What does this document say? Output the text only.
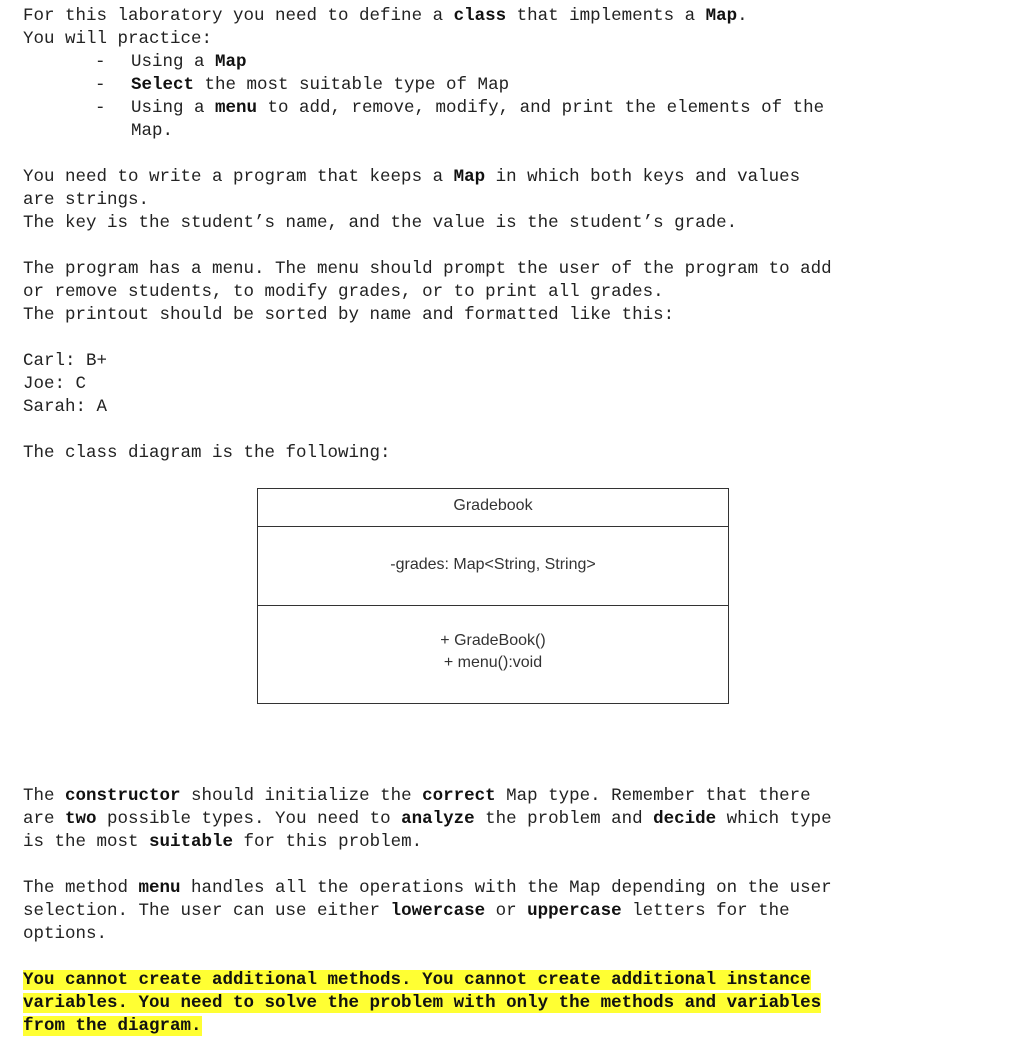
For this laboratory you need to define a class that implements a Map.

You will practice:

- Using a Map
- Select the most suitable type of Map
- Using a menu to add, remove, modify, and print the elements of the
Map.

You need to write a program that keeps a Map in which both keys and values

are strings.

The key is the student’s name, and the value is the student’s grade.

The program has a menu. The menu should prompt the user of the program to add

or remove students, to modify grades, or to print all grades.

The printout should be sorted by name and formatted like this:

Carl: B+

Joe: C

Sarah: A

The class diagram is the following:

Gradebook
-grades: Map<String, String>
+ GradeBook()
+ menu():void

The constructor should initialize the correct Map type. Remember that there

are two possible types. You need to analyze the problem and decide which type

is the most suitable for this problem.

The method menu handles all the operations with the Map depending on the user

selection. The user can use either lowercase or uppercase letters for the

options.

You cannot create additional methods. You cannot create additional instance

variables. You need to solve the problem with only the methods and variables

from the diagram.
